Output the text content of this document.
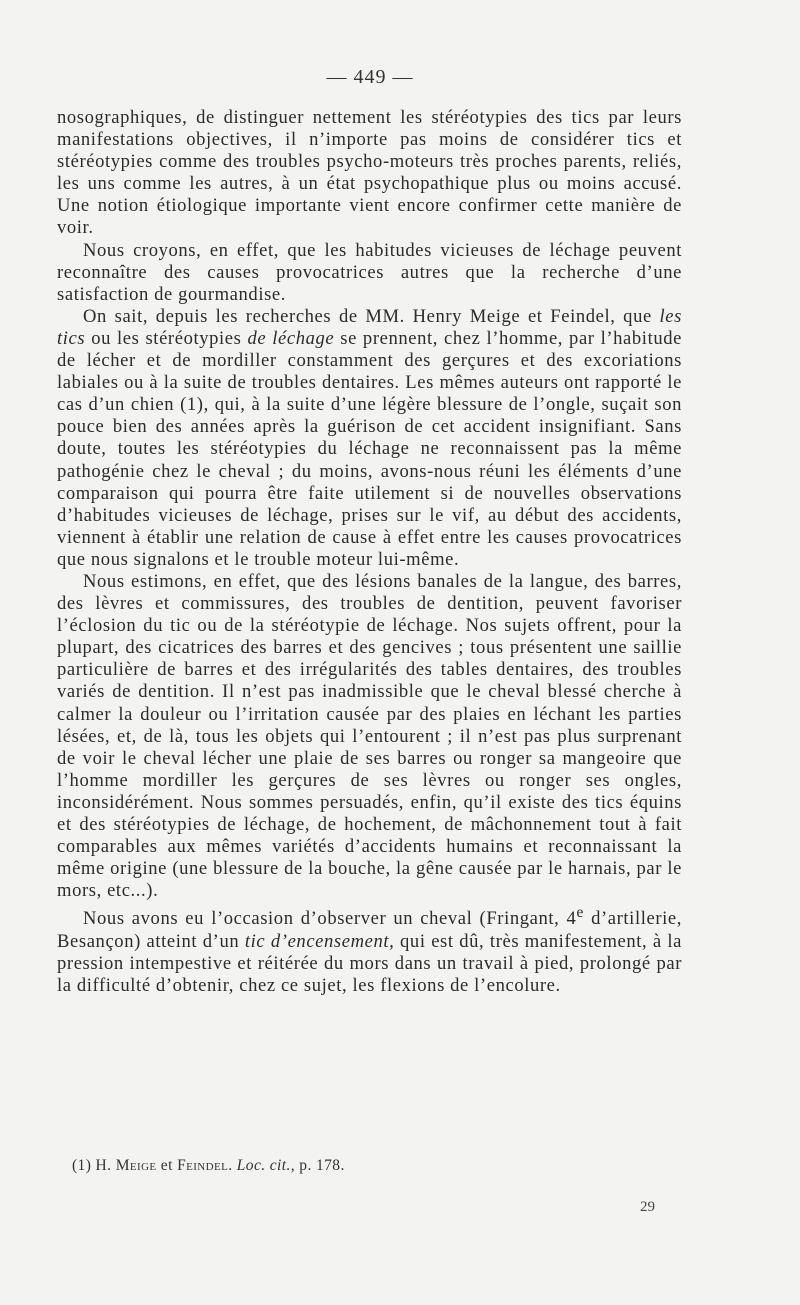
— 449 —

nosographiques, de distinguer nettement les stéréotypies des tics par leurs manifestations objectives, il n’importe pas moins de considérer tics et stéréotypies comme des troubles psycho-moteurs très proches parents, reliés, les uns comme les autres, à un état psychopathique plus ou moins accusé. Une notion étiologique importante vient encore confirmer cette manière de voir.

Nous croyons, en effet, que les habitudes vicieuses de léchage peuvent reconnaître des causes provocatrices autres que la recherche d’une satisfaction de gourmandise.

On sait, depuis les recherches de MM. Henry Meige et Feindel, que les tics ou les stéréotypies de léchage se prennent, chez l’homme, par l’habitude de lécher et de mordiller constamment des gerçures et des excoriations labiales ou à la suite de troubles dentaires. Les mêmes auteurs ont rapporté le cas d’un chien (1), qui, à la suite d’une légère blessure de l’ongle, suçait son pouce bien des années après la guérison de cet accident insignifiant. Sans doute, toutes les stéréotypies du léchage ne reconnaissent pas la même pathogénie chez le cheval ; du moins, avons-nous réuni les éléments d’une comparaison qui pourra être faite utilement si de nouvelles observations d’habitudes vicieuses de léchage, prises sur le vif, au début des accidents, viennent à établir une relation de cause à effet entre les causes provocatrices que nous signalons et le trouble moteur lui-même.

Nous estimons, en effet, que des lésions banales de la langue, des barres, des lèvres et commissures, des troubles de dentition, peuvent favoriser l’éclosion du tic ou de la stéréotypie de léchage. Nos sujets offrent, pour la plupart, des cicatrices des barres et des gencives ; tous présentent une saillie particulière de barres et des irrégularités des tables dentaires, des troubles variés de dentition. Il n’est pas inadmissible que le cheval blessé cherche à calmer la douleur ou l’irritation causée par des plaies en léchant les parties lésées, et, de là, tous les objets qui l’entourent ; il n’est pas plus surprenant de voir le cheval lécher une plaie de ses barres ou ronger sa mangeoire que l’homme mordiller les gerçures de ses lèvres ou ronger ses ongles, inconsidérément. Nous sommes persuadés, enfin, qu’il existe des tics équins et des stéréotypies de léchage, de hochement, de mâchonnement tout à fait comparables aux mêmes variétés d’accidents humains et reconnaissant la même origine (une blessure de la bouche, la gêne causée par le harnais, par le mors, etc...).

Nous avons eu l’occasion d’observer un cheval (Fringant, 4e d’artillerie, Besançon) atteint d’un tic d’encensement, qui est dû, très manifestement, à la pression intempestive et réitérée du mors dans un travail à pied, prolongé par la difficulté d’obtenir, chez ce sujet, les flexions de l’encolure.

(1) H. Meige et Feindel. Loc. cit., p. 178.
29
